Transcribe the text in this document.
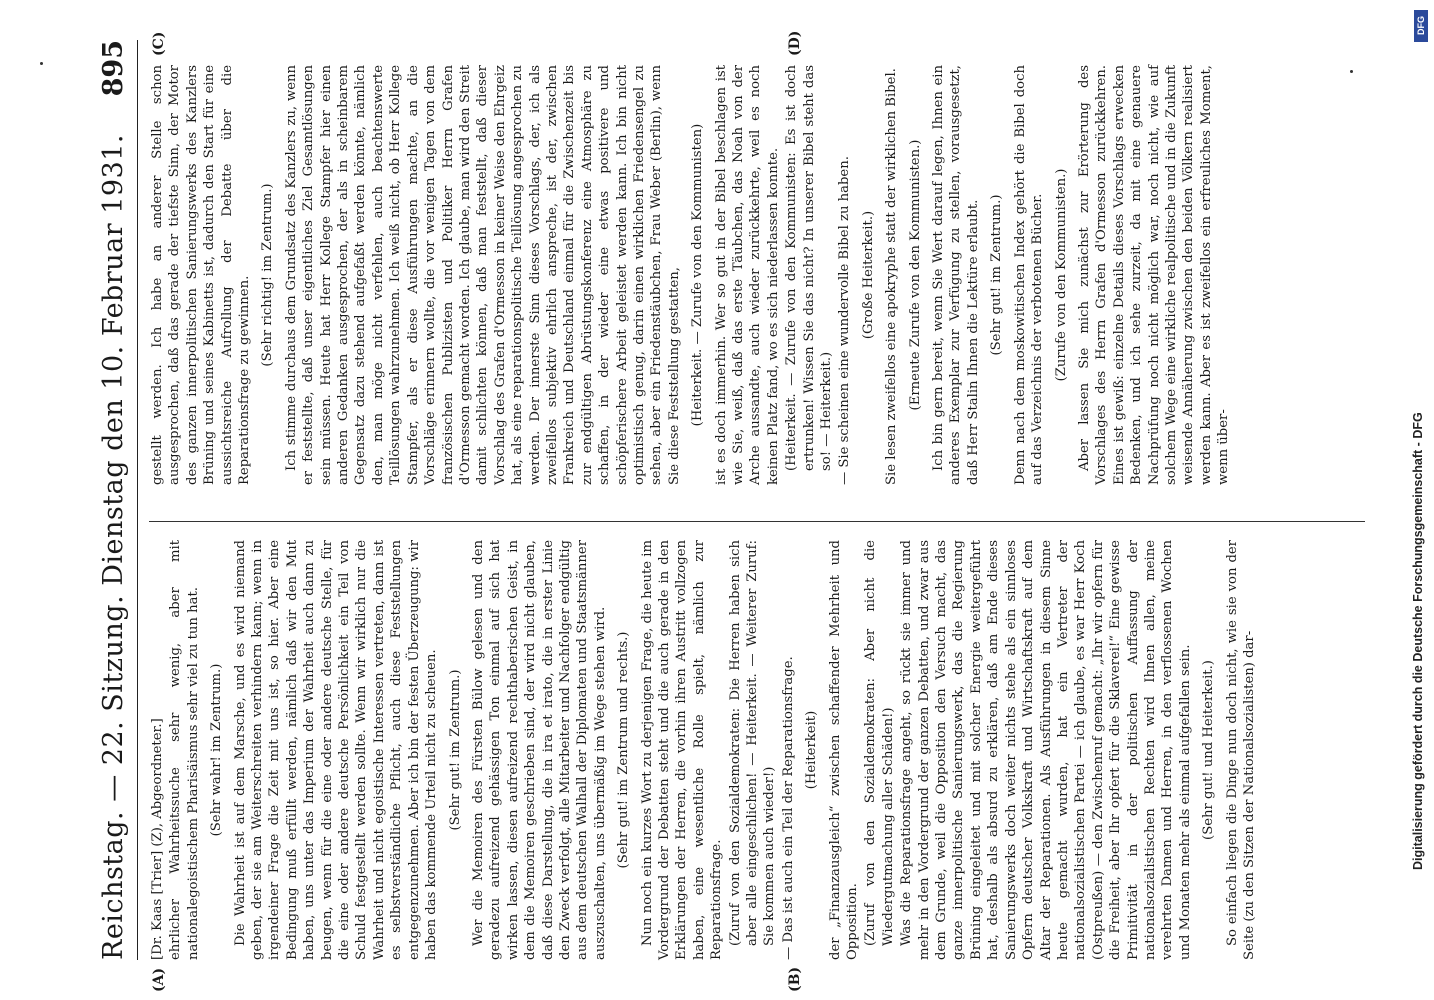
Reichstag. — 22. Sitzung. Dienstag den 10. Februar 1931.
895
(A)	(B)
(C)	(D)

[Dr. Kaas [Trier] (Z), Abgeordneter.] ehrlicher Wahrheitssuche sehr wenig, aber mit nationalegoistischem Pharisäismus sehr viel zu tun hat. (Sehr wahr! im Zentrum.) Die Wahrheit ist auf dem Marsche, und es wird niemand geben, der sie am Weiterschreiten verhindern kann; wenn in irgendeiner Frage die Zeit mit uns ist, so hier. Aber eine Bedingung muß erfüllt werden, nämlich daß wir den Mut haben, uns unter das Imperium der Wahrheit auch dann zu beugen, wenn für die eine oder andere deutsche Stelle, für die eine oder andere deutsche Persönlichkeit ein Teil von Schuld festgestellt werden sollte. Wenn wir wirklich nur die Wahrheit und nicht egoistische Interessen vertreten, dann ist es selbstverständliche Pflicht, auch diese Feststellungen entgegenzunehmen. Aber ich bin der festen Überzeugung: wir haben das kommende Urteil nicht zu scheuen. (Sehr gut! im Zentrum.) Wer die Memoiren des Fürsten Bülow gelesen und den geradezu aufreizend gehässigen Ton einmal auf sich hat wirken lassen, diesen aufreizend rechthaberischen Geist, in dem die Memoiren geschrieben sind, der wird nicht glauben, daß diese Darstellung, die in ira et irato, die in erster Linie den Zweck verfolgt, alle Mitarbeiter und Nachfolger endgültig aus dem deutschen Walhall der Diplomaten und Staatsmänner auszuschalten, uns übermäßig im Wege stehen wird. (Sehr gut! im Zentrum und rechts.) Nun noch ein kurzes Wort zu derjenigen Frage, die heute im Vordergrund der Debatten steht und die auch gerade in den Erklärungen der Herren, die vorhin ihren Austritt vollzogen haben, eine wesentliche Rolle spielt, nämlich zur Reparationsfrage. (Zuruf von den Sozialdemokraten: Die Herren haben sich aber alle eingeschlichen! — Heiterkeit. — Weiterer Zuruf: Sie kommen auch wieder!) — Das ist auch ein Teil der Reparationsfrage. (Heiterkeit) der „Finanzausgleich“ zwischen schaffender Mehrheit und Opposition. (Zuruf von den Sozialdemokraten: Aber nicht die Wiedergutmachung aller Schäden!) Was die Reparationsfrage angeht, so rückt sie immer und mehr in den Vordergrund der ganzen Debatten, und zwar aus dem Grunde, weil die Opposition den Versuch macht, das ganze innerpolitische Sanierungswerk, das die Regierung Brüning eingeleitet und mit solcher Energie weitergeführt hat, deshalb als absurd zu erklären, daß am Ende dieses Sanierungswerks doch weiter nichts stehe als ein sinnloses Opfern deutscher Volkskraft und Wirtschaftskraft auf dem Altar der Reparationen. Als Ausführungen in diesem Sinne heute gemacht wurden, hat ein Vertreter der nationalsozialistischen Partei — ich glaube, es war Herr Koch (Ostpreußen) — den Zwischenruf gemacht: „Ihr wir opfern für die Freiheit, aber Ihr opfert für die Sklaverei!“ Eine gewisse Primitivität in der politischen Auffassung der nationalsozialistischen Rechten wird Ihnen allen, meine verehrten Damen und Herren, in den verflossenen Wochen und Monaten mehr als einmal aufgefallen sein. (Sehr gut! und Heiterkeit.) So einfach liegen die Dinge nun doch nicht, wie sie von der Seite (zu den Sitzen der Nationalsozialisten) dar-

gestellt werden. Ich habe an anderer Stelle schon ausgesprochen, daß das gerade der tiefste Sinn, der Motor des ganzen innerpolitischen Sanierungswerks des Kanzlers Brüning und seines Kabinetts ist, dadurch den Start für eine aussichtsreiche Aufrollung der Debatte über die Reparationsfrage zu gewinnen.

(Sehr richtig! im Zentrum.) Ich stimme durchaus dem Grundsatz des Kanzlers zu, wenn er feststellte, daß unser eigentliches Ziel Gesamtlösungen sein müssen. Heute hat Herr Kollege Stampfer hier einen anderen Gedanken ausgesprochen, der als in scheinbarem Gegensatz dazu stehend aufgefaßt werden könnte, nämlich den, man möge nicht verfehlen, auch beachtenswerte Teillösungen wahrzunehmen. Ich weiß nicht, ob Herr Kollege Stampfer, als er diese Ausführungen machte, an die Vorschläge erinnern wollte, die vor wenigen Tagen von dem französischen Publizisten und Politiker Herrn Grafen d'Ormesson gemacht worden. Ich glaube, man wird den Streit damit schlichten können, daß man feststellt, daß dieser Vorschlag des Grafen d'Ormesson in keiner Weise den Ehrgeiz hat, als eine reparationspolitische Teillösung angesprochen zu werden. Der innerste Sinn dieses Vorschlags, der, ich als zweifellos subjektiv ehrlich anspreche, ist der, zwischen Frankreich und Deutschland einmal für die Zwischenzeit bis zur endgültigen Abrüstungskonferenz eine Atmosphäre zu schaffen, in der wieder eine etwas positivere und schöpferischere Arbeit geleistet werden kann. Ich bin nicht optimistisch genug, darin einen wirklichen Friedensengel zu sehen, aber ein Friedenstäubchen, Frau Weber (Berlin), wenn Sie diese Feststellung gestatten, (Heiterkeit. — Zurufe von den Kommunisten) ist es doch immerhin. Wer so gut in der Bibel beschlagen ist wie Sie, weiß, daß das erste Täubchen, das Noah von der Arche aussandte, auch wieder zurückkehrte, weil es noch keinen Platz fand, wo es sich niederlassen konnte. (Heiterkeit. — Zurufe von den Kommunisten: Es ist doch ertrunken! Wissen Sie das nicht? In unserer Bibel steht das so! — Heiterkeit.) — Sie scheinen eine wundervolle Bibel zu haben. (Große Heiterkeit.) Sie lesen zweifellos eine apokryphe statt der wirklichen Bibel. (Erneute Zurufe von den Kommunisten.) Ich bin gern bereit, wenn Sie Wert darauf legen, Ihnen ein anderes Exemplar zur Verfügung zu stellen, vorausgesetzt, daß Herr Stalin Ihnen die Lektüre erlaubt. (Sehr gut! im Zentrum.) Denn nach dem moskowitischen Index gehört die Bibel doch auf das Verzeichnis der verbotenen Bücher. (Zurufe von den Kommunisten.) Aber lassen Sie mich zunächst zur Erörterung des Vorschlages des Herrn Grafen d'Ormesson zurückkehren. Eines ist gewiß: einzelne Details dieses Vorschlags erwecken Bedenken, und ich sehe zurzeit, da mit eine genauere Nachprüfung noch nicht möglich war, noch nicht, wie auf solchem Wege eine wirkliche realpolitische und in die Zukunft weisende Annäherung zwischen den beiden Völkern realisiert werden kann. Aber es ist zweifellos ein erfreuliches Moment, wenn über-	Digitalisierung gefördert durch die Deutsche Forschungsgemeinschaft - DFG
DFG
